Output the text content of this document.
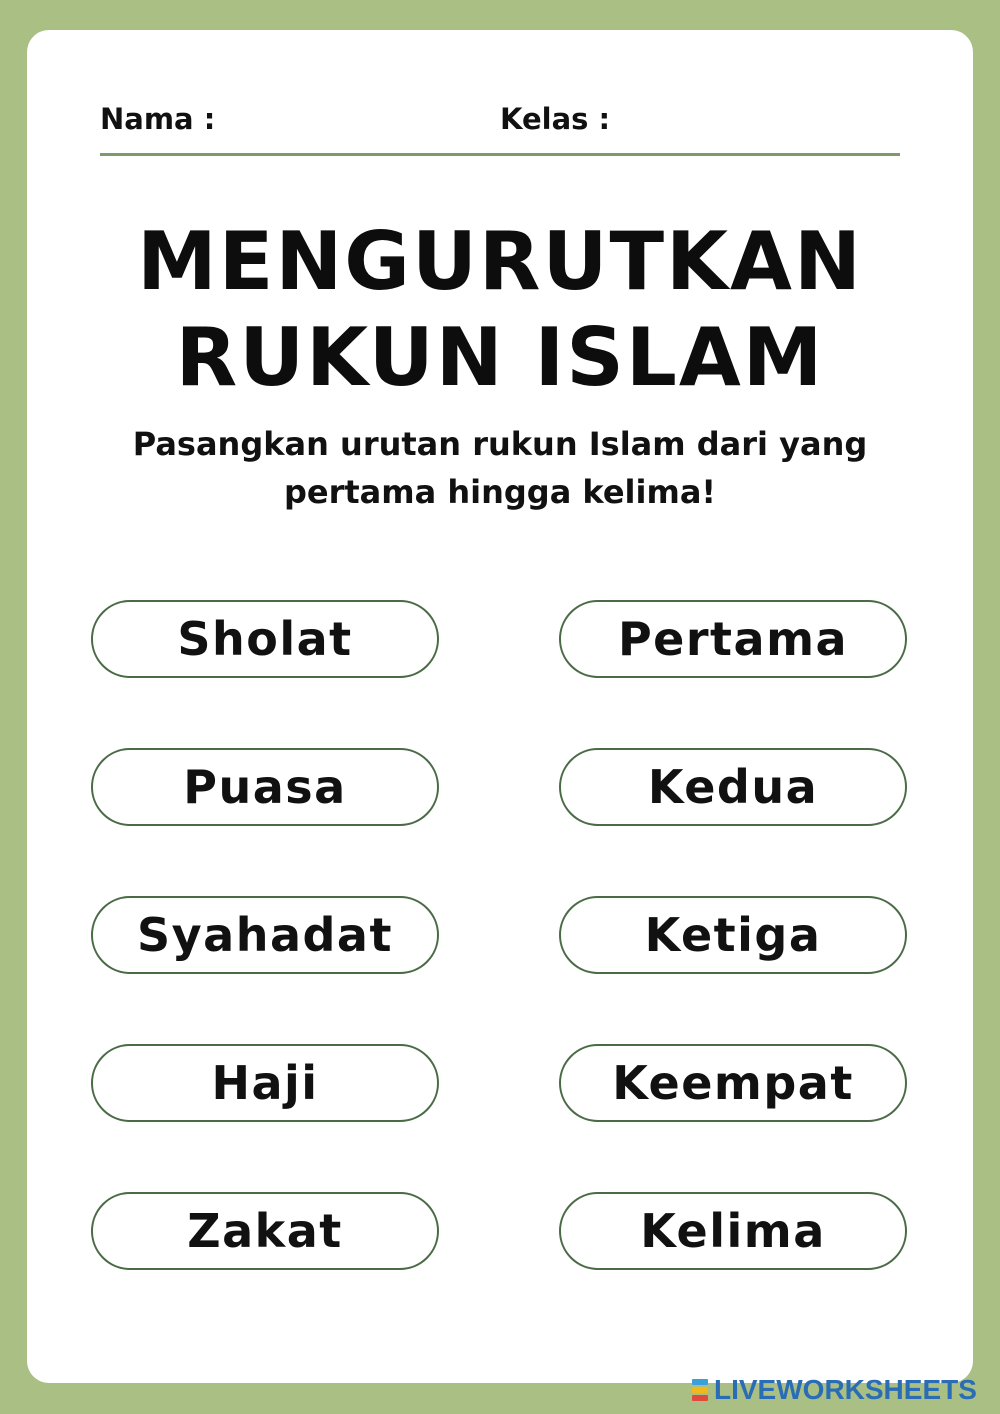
Nama :	Kelas :
MENGURUTKAN
RUKUN ISLAM
Pasangkan urutan rukun Islam dari yang
pertama hingga kelima!
Sholat
Puasa
Syahadat
Haji
Zakat
Pertama
Kedua
Ketiga
Keempat
Kelima
LIVEWORKSHEETS
